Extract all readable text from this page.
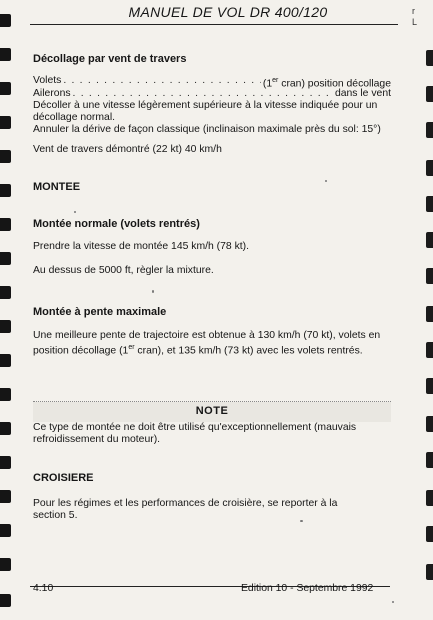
MANUEL DE VOL DR 400/120	r
L
Décollage par vent de travers
Volets . . .	(1er cran) position décollage
Ailerons . . .	dans le vent
Décoller à une vitesse légèrement supérieure à la vitesse indiquée pour un
décollage normal.
Annuler la dérive de façon classique (inclinaison maximale près du sol: 15°)
Vent de travers démontré (22 kt) 40 km/h
MONTEE
Montée normale (volets rentrés)
Prendre la vitesse de montée 145 km/h (78 kt).
Au dessus de 5000 ft, règler la mixture.
Montée à pente maximale
Une meilleure pente de trajectoire est obtenue à 130 km/h (70 kt), volets en
position décollage (1er cran), et 135 km/h (73 kt) avec les volets rentrés.
NOTE
Ce type de montée ne doit être utilisé qu'exceptionnellement (mauvais
refroidissement du moteur).
CROISIERE
Pour les régimes et les performances de croisière, se reporter à la
section 5.
4.10	Edition 10 - Septembre 1992
